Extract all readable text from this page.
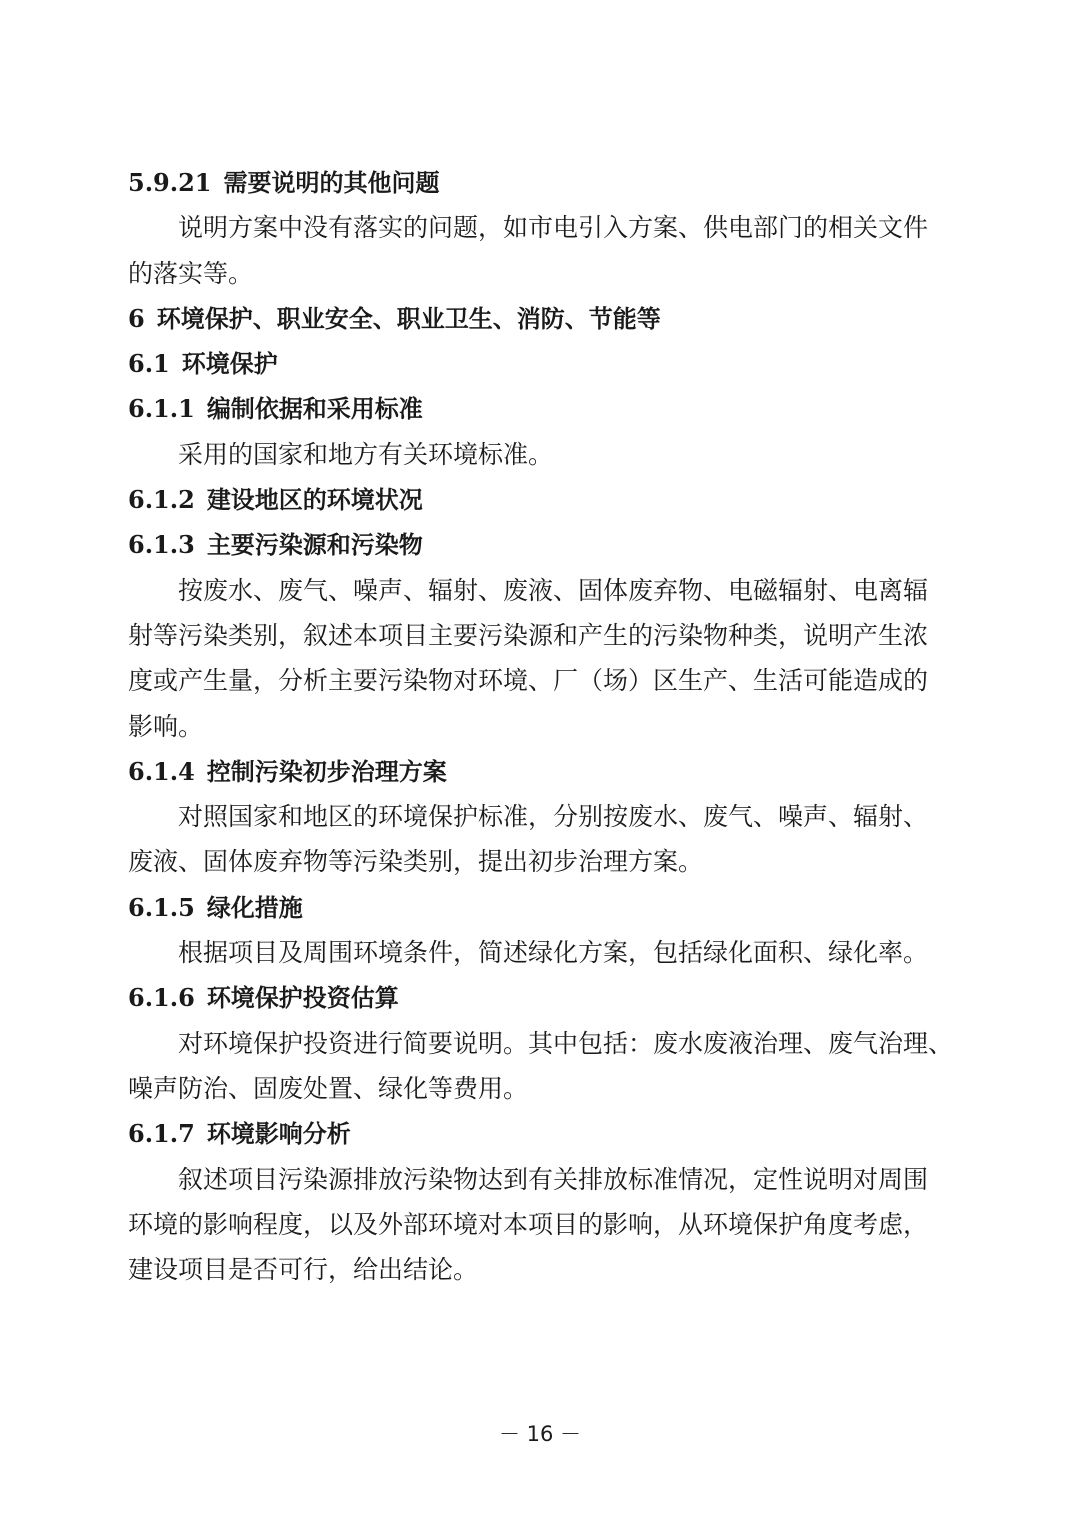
5.9.21 需要说明的其他问题
说明方案中没有落实的问题，如市电引入方案、供电部门的相关文件
的落实等。
6 环境保护、职业安全、职业卫生、消防、节能等
6.1 环境保护
6.1.1 编制依据和采用标准
采用的国家和地方有关环境标准。
6.1.2 建设地区的环境状况
6.1.3 主要污染源和污染物
按废水、废气、噪声、辐射、废液、固体废弃物、电磁辐射、电离辐
射等污染类别，叙述本项目主要污染源和产生的污染物种类，说明产生浓
度或产生量，分析主要污染物对环境、厂（场）区生产、生活可能造成的
影响。
6.1.4 控制污染初步治理方案
对照国家和地区的环境保护标准，分别按废水、废气、噪声、辐射、
废液、固体废弃物等污染类别，提出初步治理方案。
6.1.5 绿化措施
根据项目及周围环境条件，简述绿化方案，包括绿化面积、绿化率。
6.1.6 环境保护投资估算
对环境保护投资进行简要说明。其中包括：废水废液治理、废气治理、
噪声防治、固废处置、绿化等费用。
6.1.7 环境影响分析
叙述项目污染源排放污染物达到有关排放标准情况，定性说明对周围
环境的影响程度，以及外部环境对本项目的影响，从环境保护角度考虑，
建设项目是否可行，给出结论。
－ 16 －
